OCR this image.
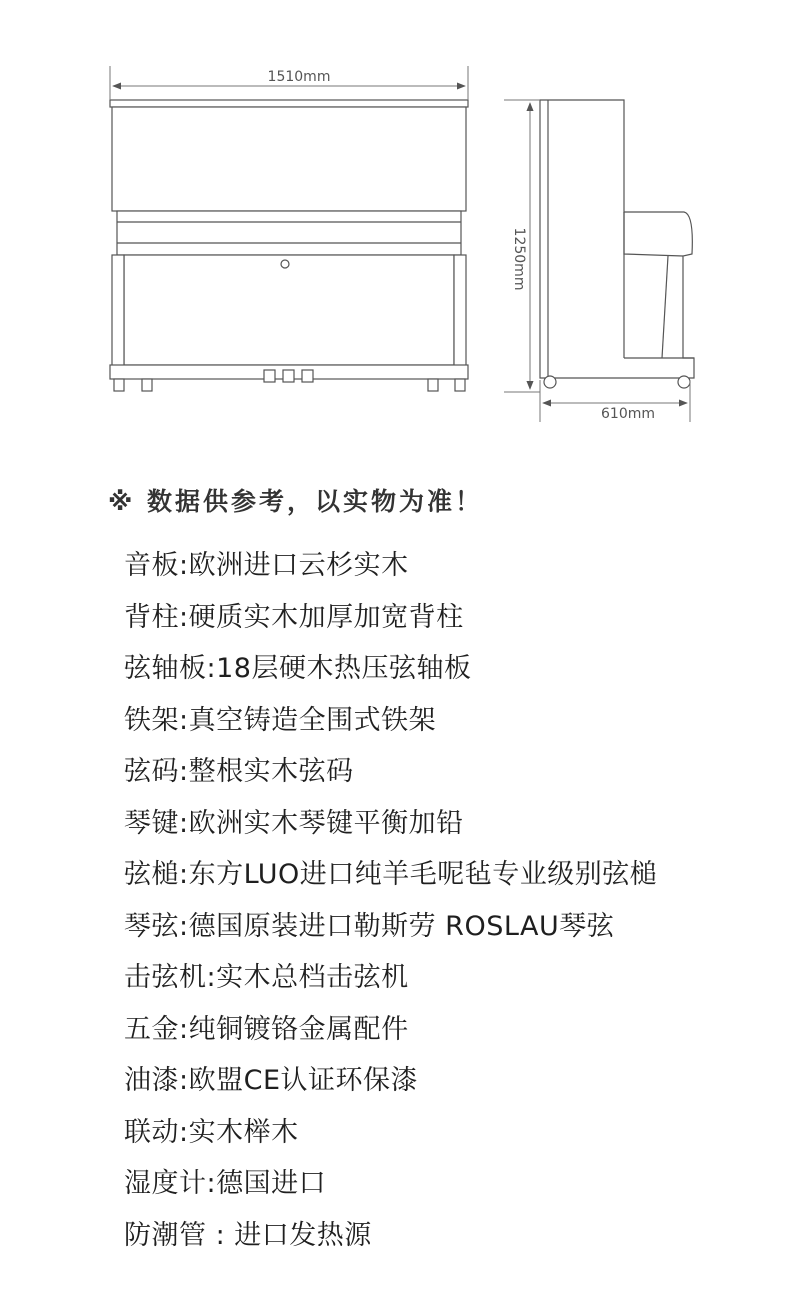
1510mm
1250mm
610mm
※ 数据供参考，以实物为准！
音板:欧洲进口云杉实木
背柱:硬质实木加厚加宽背柱
弦轴板:18层硬木热压弦轴板
铁架:真空铸造全围式铁架
弦码:整根实木弦码
琴键:欧洲实木琴键平衡加铅
弦槌:东方LUO进口纯羊毛呢毡专业级别弦槌
琴弦:德国原装进口勒斯劳 ROSLAU琴弦
击弦机:实木总档击弦机
五金:纯铜镀铬金属配件
油漆:欧盟CE认证环保漆
联动:实木榉木
湿度计:德国进口
防潮管 : 进口发热源
